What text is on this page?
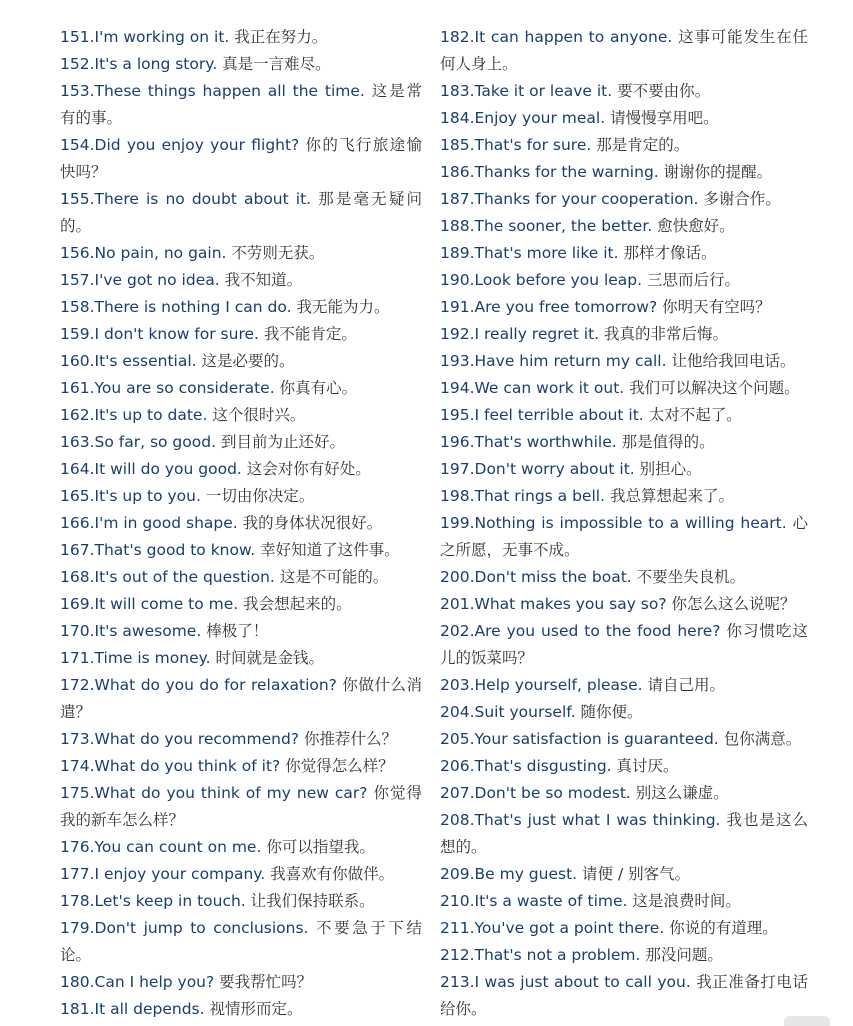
151.I'm working on it. 我正在努力。
152.It's a long story. 真是一言难尽。
153.These things happen all the time. 这是常有的事。
154.Did you enjoy your flight? 你的飞行旅途愉快吗？
155.There is no doubt about it. 那是毫无疑问的。
156.No pain, no gain. 不劳则无获。
157.I've got no idea. 我不知道。
158.There is nothing I can do. 我无能为力。
159.I don't know for sure. 我不能肯定。
160.It's essential. 这是必要的。
161.You are so considerate. 你真有心。
162.It's up to date. 这个很时兴。
163.So far, so good. 到目前为止还好。
164.It will do you good. 这会对你有好处。
165.It's up to you. 一切由你决定。
166.I'm in good shape. 我的身体状况很好。
167.That's good to know. 幸好知道了这件事。
168.It's out of the question. 这是不可能的。
169.It will come to me. 我会想起来的。
170.It's awesome. 棒极了！
171.Time is money. 时间就是金钱。
172.What do you do for relaxation? 你做什么消遣？
173.What do you recommend? 你推荐什么？
174.What do you think of it? 你觉得怎么样？
175.What do you think of my new car? 你觉得我的新车怎么样？
176.You can count on me. 你可以指望我。
177.I enjoy your company. 我喜欢有你做伴。
178.Let's keep in touch. 让我们保持联系。
179.Don't jump to conclusions. 不要急于下结论。
180.Can I help you? 要我帮忙吗？
181.It all depends. 视情形而定。
182.It can happen to anyone. 这事可能发生在任何人身上。
183.Take it or leave it. 要不要由你。
184.Enjoy your meal. 请慢慢享用吧。
185.That's for sure. 那是肯定的。
186.Thanks for the warning. 谢谢你的提醒。
187.Thanks for your cooperation. 多谢合作。
188.The sooner, the better. 愈快愈好。
189.That's more like it. 那样才像话。
190.Look before you leap. 三思而后行。
191.Are you free tomorrow? 你明天有空吗？
192.I really regret it. 我真的非常后悔。
193.Have him return my call. 让他给我回电话。
194.We can work it out. 我们可以解决这个问题。
195.I feel terrible about it. 太对不起了。
196.That's worthwhile. 那是值得的。
197.Don't worry about it. 别担心。
198.That rings a bell. 我总算想起来了。
199.Nothing is impossible to a willing heart. 心之所愿，无事不成。
200.Don't miss the boat. 不要坐失良机。
201.What makes you say so? 你怎么这么说呢？
202.Are you used to the food here? 你习惯吃这儿的饭菜吗？
203.Help yourself, please. 请自己用。
204.Suit yourself. 随你便。
205.Your satisfaction is guaranteed. 包你满意。
206.That's disgusting. 真讨厌。
207.Don't be so modest. 别这么谦虚。
208.That's just what I was thinking. 我也是这么想的。
209.Be my guest. 请便 / 别客气。
210.It's a waste of time. 这是浪费时间。
211.You've got a point there. 你说的有道理。
212.That's not a problem. 那没问题。
213.I was just about to call you. 我正准备打电话给你。
